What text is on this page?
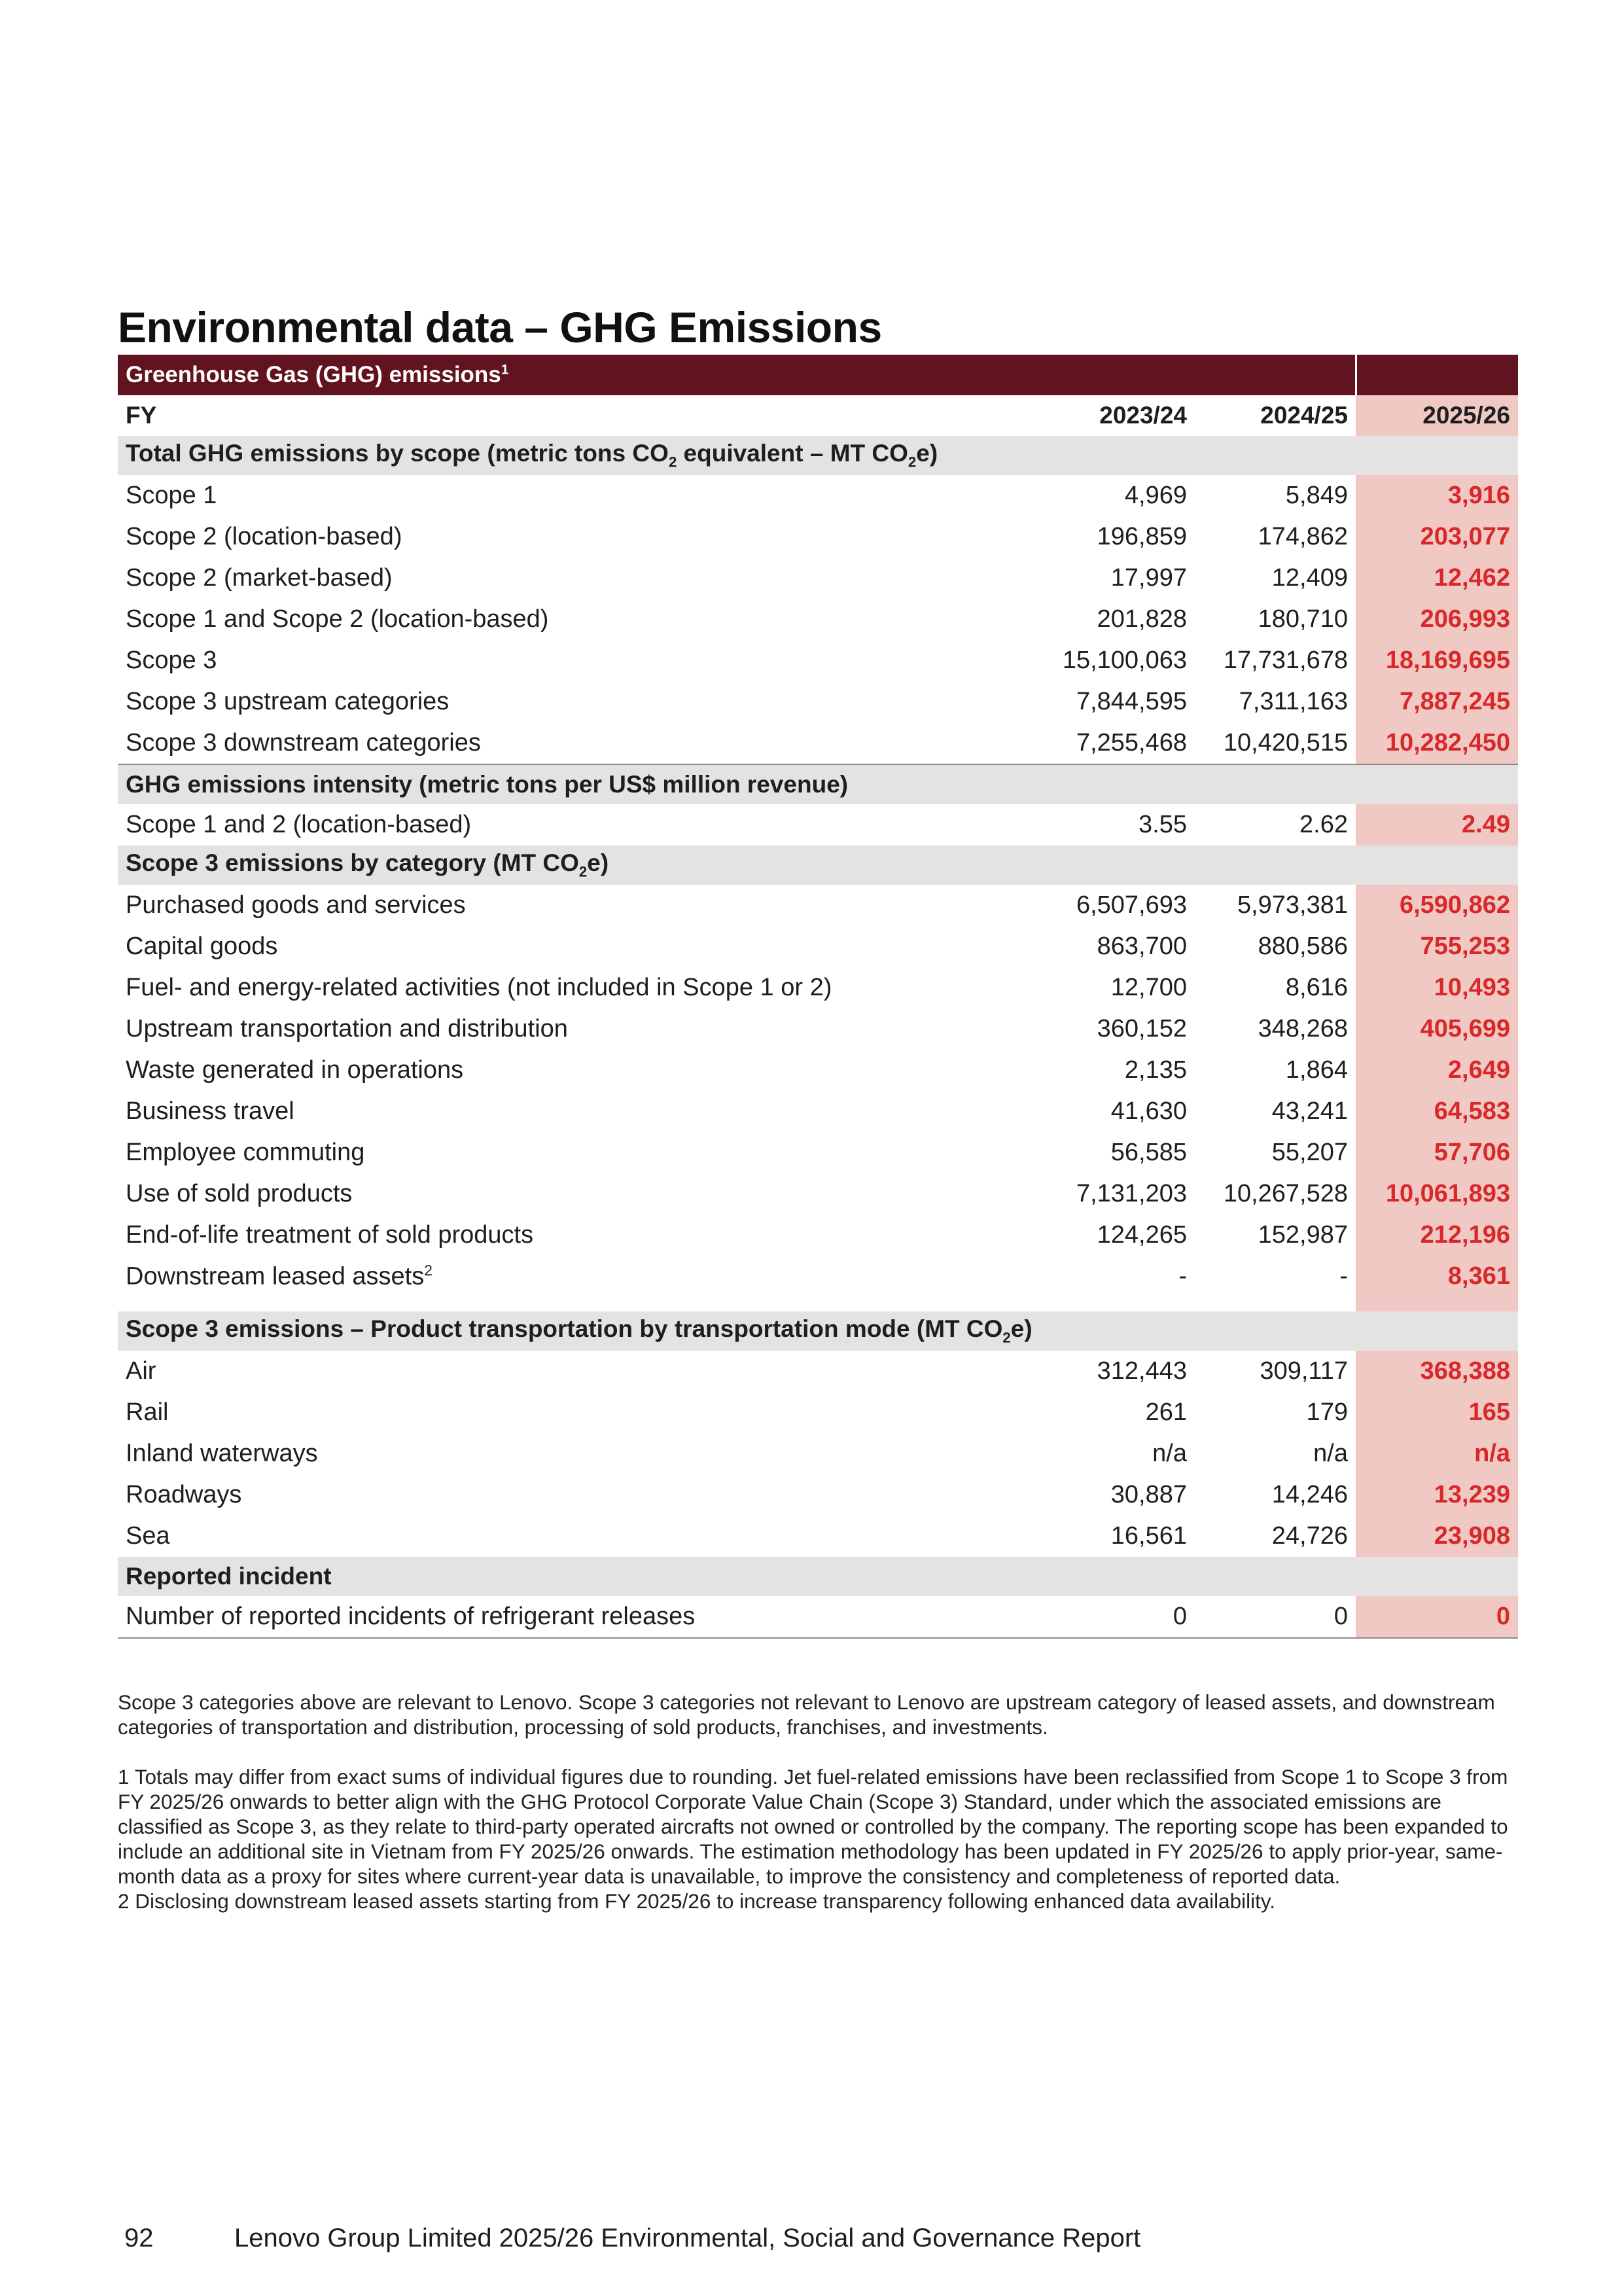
Environmental data – GHG Emissions
Greenhouse Gas (GHG) emissions$^1$	
FY	2023/24	2024/25	2025/26
Total GHG emissions by scope (metric tons $CO_2$ equivalent – MT $CO_2e$)			
Scope 1	4,969	5,849	3,916
Scope 2 (location-based)	196,859	174,862	203,077
Scope 2 (market-based)	17,997	12,409	12,462
Scope 1 and Scope 2 (location-based)	201,828	180,710	206,993
Scope 3	15,100,063	17,731,678	18,169,695
Scope 3 upstream categories	7,844,595	7,311,163	7,887,245
Scope 3 downstream categories	7,255,468	10,420,515	10,282,450
GHG emissions intensity (metric tons per US$ million revenue)			
Scope 1 and 2 (location-based)	3.55	2.62	2.49
Scope 3 emissions by category (MT $CO_2e$)			
Purchased goods and services	6,507,693	5,973,381	6,590,862
Capital goods	863,700	880,586	755,253
Fuel- and energy-related activities (not included in Scope 1 or 2)	12,700	8,616	10,493
Upstream transportation and distribution	360,152	348,268	405,699
Waste generated in operations	2,135	1,864	2,649
Business travel	41,630	43,241	64,583
Employee commuting	56,585	55,207	57,706
Use of sold products	7,131,203	10,267,528	10,061,893
End-of-life treatment of sold products	124,265	152,987	212,196
Downstream leased assets$^2$	-	-	8,361

Scope 3 emissions – Product transportation by transportation mode (MT $CO_2e$)			
Air	312,443	309,117	368,388
Rail	261	179	165
Inland waterways	n/a	n/a	n/a
Roadways	30,887	14,246	13,239
Sea	16,561	24,726	23,908
Reported incident			
Number of reported incidents of refrigerant releases	0	0	0

Scope 3 categories above are relevant to Lenovo. Scope 3 categories not relevant to Lenovo are upstream category of leased assets, and downstream categories of transportation and distribution, processing of sold products, franchises, and investments.

1 Totals may differ from exact sums of individual figures due to rounding. Jet fuel-related emissions have been reclassified from Scope 1 to Scope 3 from FY 2025/26 onwards to better align with the GHG Protocol Corporate Value Chain (Scope 3) Standard, under which the associated emissions are classified as Scope 3, as they relate to third-party operated aircrafts not owned or controlled by the company. The reporting scope has been expanded to include an additional site in Vietnam from FY 2025/26 onwards. The estimation methodology has been updated in FY 2025/26 to apply prior-year, same-month data as a proxy for sites where current-year data is unavailable, to improve the consistency and completeness of reported data.

2 Disclosing downstream leased assets starting from FY 2025/26 to increase transparency following enhanced data availability.

92	Lenovo Group Limited 2025/26 Environmental, Social and Governance Report
